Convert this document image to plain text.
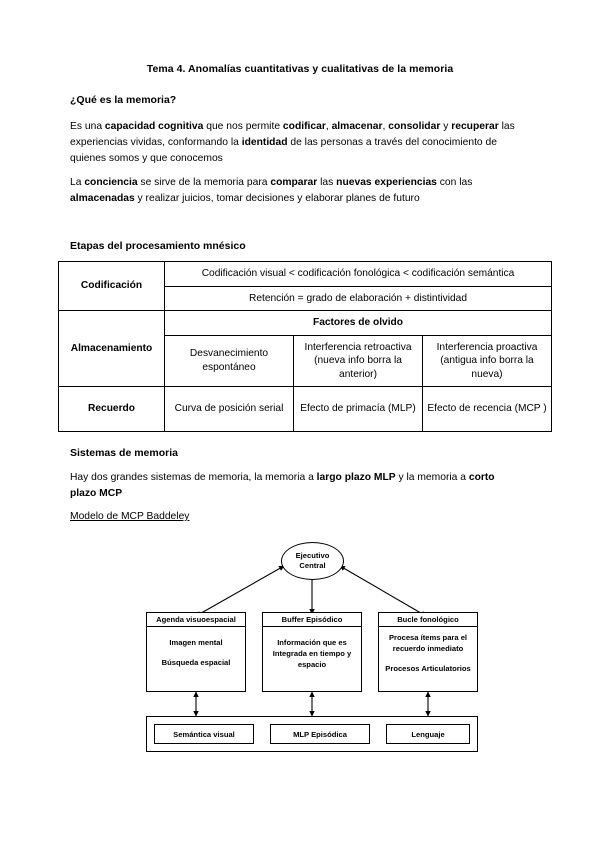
Tema 4. Anomalías cuantitativas y cualitativas de la memoria
¿Qué es la memoria?
Es una capacidad cognitiva que nos permite codificar, almacenar, consolidar y recuperar las experiencias vividas, conformando la identidad de las personas a través del conocimiento de quienes somos y que conocemos
La conciencia se sirve de la memoria para comparar las nuevas experiencias con las almacenadas y realizar juicios, tomar decisiones y elaborar planes de futuro
Etapas del procesamiento mnésico
Codificación	Codificación visual < codificación fonológica < codificación semántica		
	Retención = grado de elaboración + distintividad		
Almacenamiento	Factores de olvido		
	Desvanecimiento espontáneo	Interferencia retroactiva (nueva info borra la anterior)	Interferencia proactiva (antigua info borra la nueva)
Recuerdo	Curva de posición serial	Efecto de primacía (MLP)	Efecto de recencia (MCP )
Sistemas de memoria
Hay dos grandes sistemas de memoria, la memoria a largo plazo MLP y la memoria a corto plazo MCP
Modelo de MCP Baddeley
Ejecutivo
Central
Agenda visuoespacial
Imagen mental
Búsqueda espacial
Buffer Episódico
Información que es Integrada en tiempo y espacio
Bucle fonológico
Procesa ítems para el recuerdo inmediato
Procesos Articulatorios
Semántica visual	MLP Episódica	Lenguaje
